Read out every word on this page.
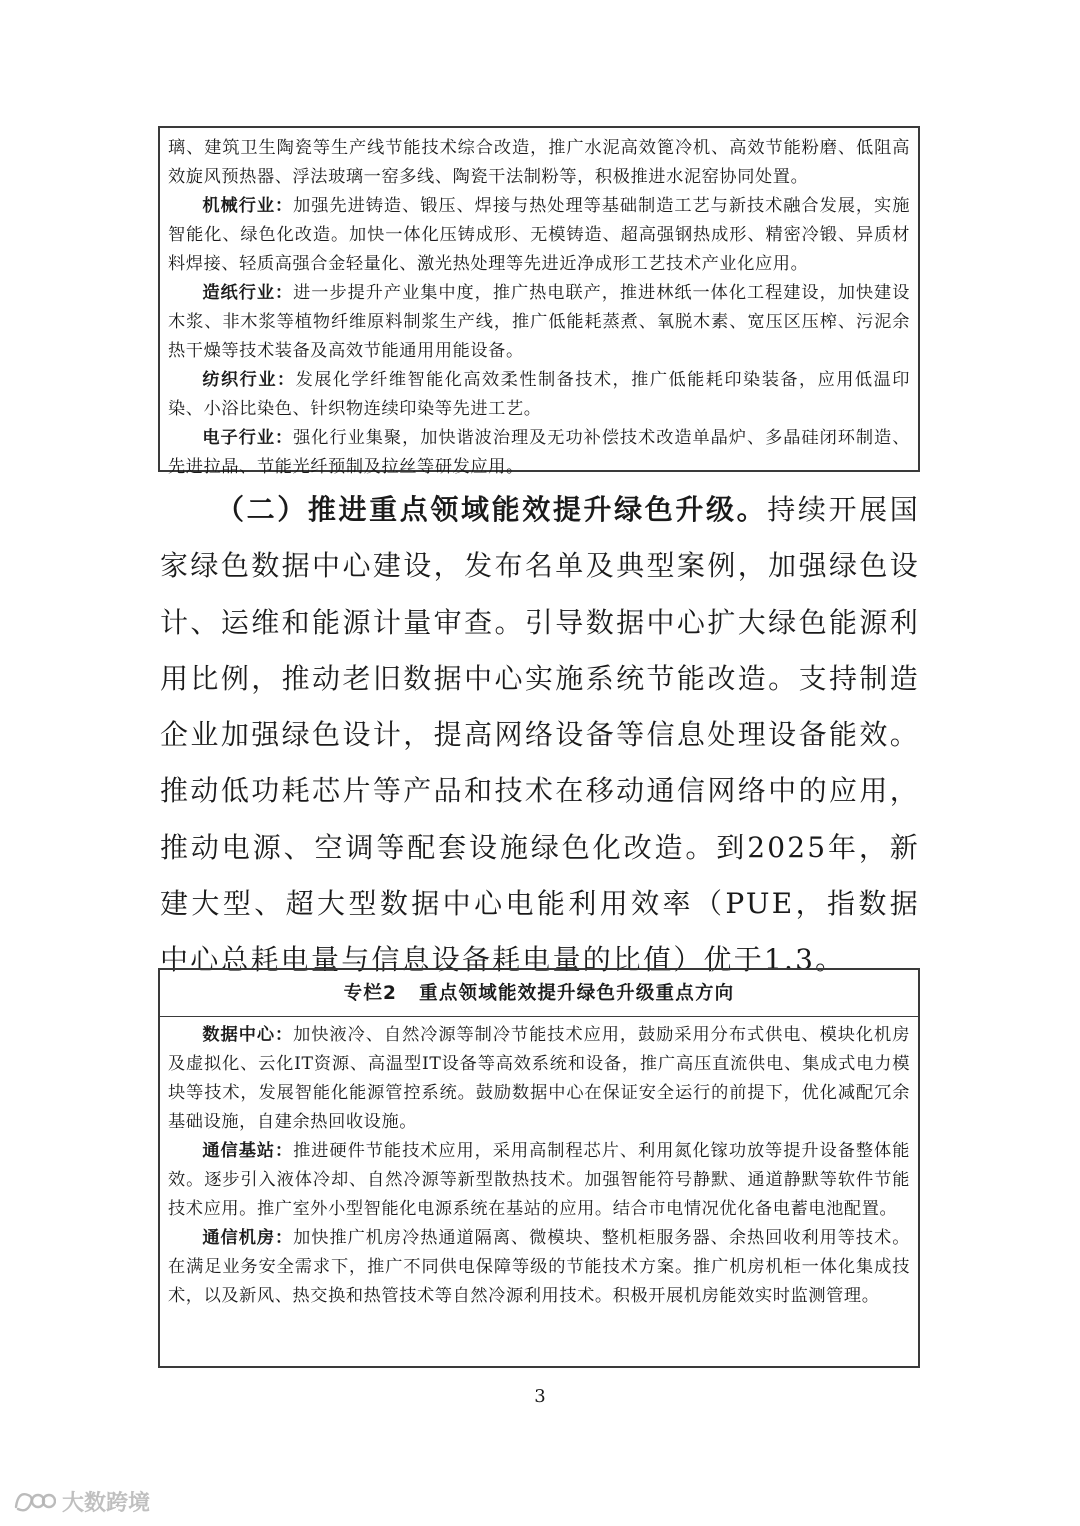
璃、建筑卫生陶瓷等生产线节能技术综合改造，推广水泥高效篦冷机、高效节能粉磨、低阻高效旋风预热器、浮法玻璃一窑多线、陶瓷干法制粉等，积极推进水泥窑协同处置。

机械行业：加强先进铸造、锻压、焊接与热处理等基础制造工艺与新技术融合发展，实施智能化、绿色化改造。加快一体化压铸成形、无模铸造、超高强钢热成形、精密冷锻、异质材料焊接、轻质高强合金轻量化、激光热处理等先进近净成形工艺技术产业化应用。

造纸行业：进一步提升产业集中度，推广热电联产，推进林纸一体化工程建设，加快建设木浆、非木浆等植物纤维原料制浆生产线，推广低能耗蒸煮、氧脱木素、宽压区压榨、污泥余热干燥等技术装备及高效节能通用用能设备。

纺织行业：发展化学纤维智能化高效柔性制备技术，推广低能耗印染装备，应用低温印染、小浴比染色、针织物连续印染等先进工艺。

电子行业：强化行业集聚，加快谐波治理及无功补偿技术改造单晶炉、多晶硅闭环制造、先进拉晶、节能光纤预制及拉丝等研发应用。

（二）推进重点领域能效提升绿色升级。持续开展国家绿色数据中心建设，发布名单及典型案例，加强绿色设计、运维和能源计量审查。引导数据中心扩大绿色能源利用比例，推动老旧数据中心实施系统节能改造。支持制造企业加强绿色设计，提高网络设备等信息处理设备能效。推动低功耗芯片等产品和技术在移动通信网络中的应用，推动电源、空调等配套设施绿色化改造。到2025年，新建大型、超大型数据中心电能利用效率（PUE，指数据中心总耗电量与信息设备耗电量的比值）优于1.3。

专栏2 重点领域能效提升绿色升级重点方向

数据中心：加快液冷、自然冷源等制冷节能技术应用，鼓励采用分布式供电、模块化机房及虚拟化、云化IT资源、高温型IT设备等高效系统和设备，推广高压直流供电、集成式电力模块等技术，发展智能化能源管控系统。鼓励数据中心在保证安全运行的前提下，优化减配冗余基础设施，自建余热回收设施。

通信基站：推进硬件节能技术应用，采用高制程芯片、利用氮化镓功放等提升设备整体能效。逐步引入液体冷却、自然冷源等新型散热技术。加强智能符号静默、通道静默等软件节能技术应用。推广室外小型智能化电源系统在基站的应用。结合市电情况优化备电蓄电池配置。

通信机房：加快推广机房冷热通道隔离、微模块、整机柜服务器、余热回收利用等技术。在满足业务安全需求下，推广不同供电保障等级的节能技术方案。推广机房机柜一体化集成技术，以及新风、热交换和热管技术等自然冷源利用技术。积极开展机房能效实时监测管理。

3
大数跨境
